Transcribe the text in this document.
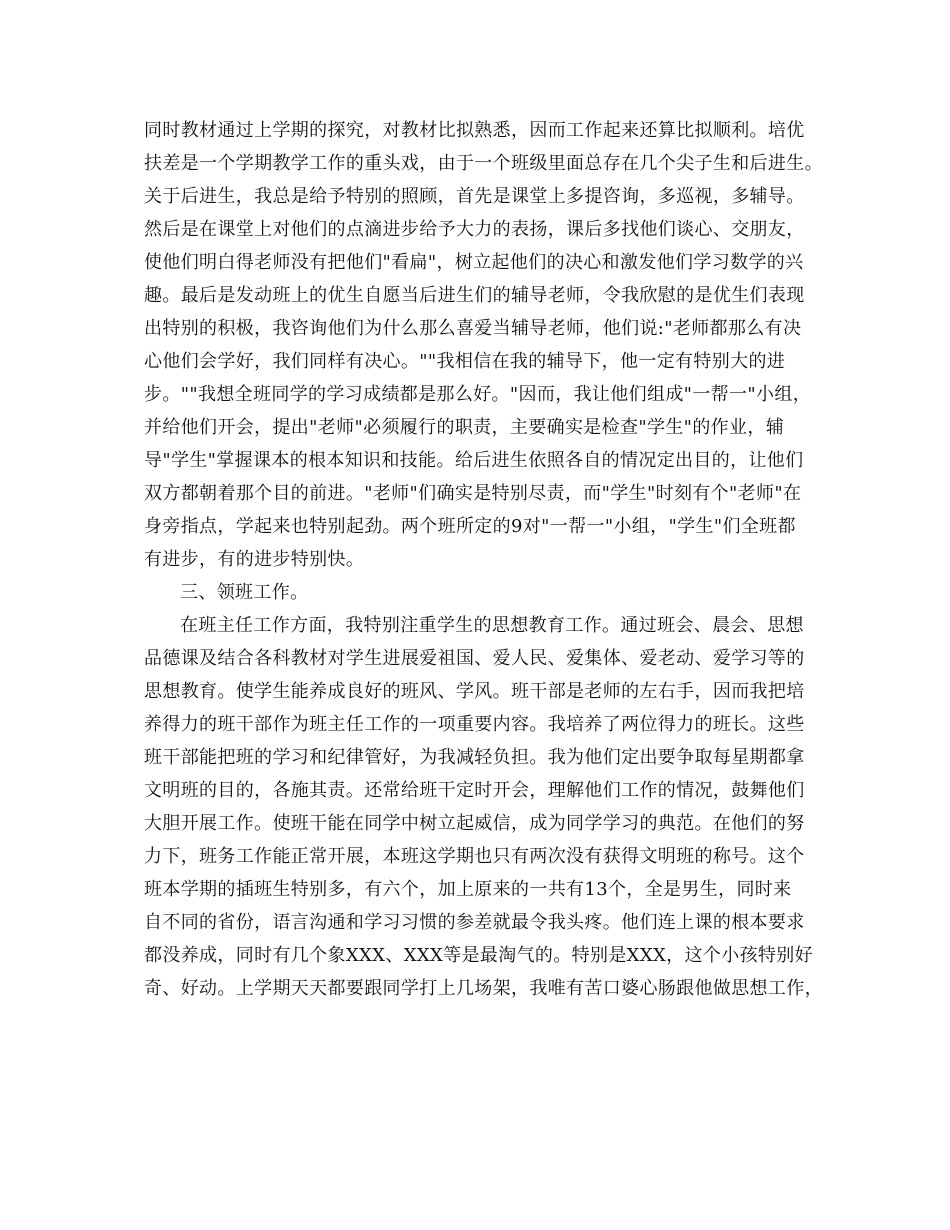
同时教材通过上学期的探究，对教材比拟熟悉，因而工作起来还算比拟顺利。培优
扶差是一个学期教学工作的重头戏，由于一个班级里面总存在几个尖子生和后进生。
关于后进生，我总是给予特别的照顾，首先是课堂上多提咨询，多巡视，多辅导。
然后是在课堂上对他们的点滴进步给予大力的表扬，课后多找他们谈心、交朋友，
使他们明白得老师没有把他们"看扁"，树立起他们的决心和激发他们学习数学的兴
趣。最后是发动班上的优生自愿当后进生们的辅导老师，令我欣慰的是优生们表现
出特别的积极，我咨询他们为什么那么喜爱当辅导老师，他们说:"老师都那么有决
心他们会学好，我们同样有决心。""我相信在我的辅导下，他一定有特别大的进
步。""我想全班同学的学习成绩都是那么好。"因而，我让他们组成"一帮一"小组，
并给他们开会，提出"老师"必须履行的职责，主要确实是检查"学生"的作业，辅
导"学生"掌握课本的根本知识和技能。给后进生依照各自的情况定出目的，让他们
双方都朝着那个目的前进。"老师"们确实是特别尽责，而"学生"时刻有个"老师"在
身旁指点，学起来也特别起劲。两个班所定的9对"一帮一"小组，"学生"们全班都
有进步，有的进步特别快。
三、领班工作。
在班主任工作方面，我特别注重学生的思想教育工作。通过班会、晨会、思想
品德课及结合各科教材对学生进展爱祖国、爱人民、爱集体、爱老动、爱学习等的
思想教育。使学生能养成良好的班风、学风。班干部是老师的左右手，因而我把培
养得力的班干部作为班主任工作的一项重要内容。我培养了两位得力的班长。这些
班干部能把班的学习和纪律管好，为我减轻负担。我为他们定出要争取每星期都拿
文明班的目的，各施其责。还常给班干定时开会，理解他们工作的情况，鼓舞他们
大胆开展工作。使班干能在同学中树立起威信，成为同学学习的典范。在他们的努
力下，班务工作能正常开展，本班这学期也只有两次没有获得文明班的称号。这个
班本学期的插班生特别多，有六个，加上原来的一共有13个，全是男生，同时来
自不同的省份，语言沟通和学习习惯的参差就最令我头疼。他们连上课的根本要求
都没养成，同时有几个象XXX、XXX等是最淘气的。特别是XXX，这个小孩特别好
奇、好动。上学期天天都要跟同学打上几场架，我唯有苦口婆心肠跟他做思想工作，
